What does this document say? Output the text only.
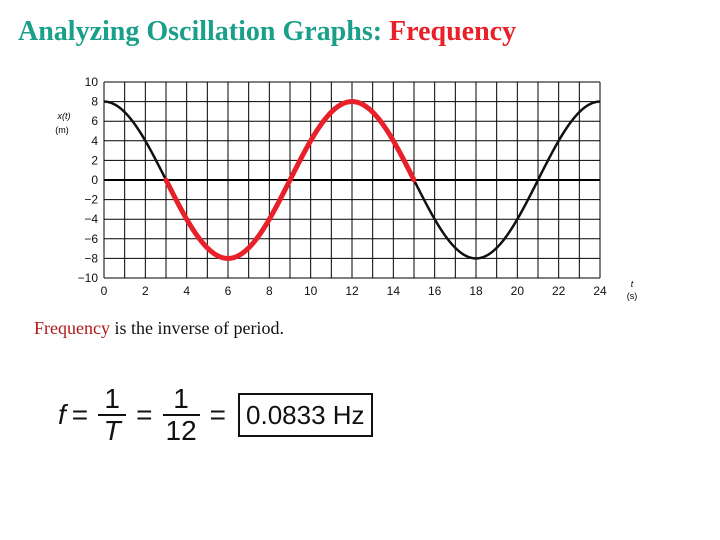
Analyzing Oscillation Graphs: Frequency
0	2	4	6	8	10 12 14 16 18 20 22 24
10
8
6
4
2
0
−2
−4
−6
−8
−10
x(t)
(m)
t
(s)

Frequency is the inverse of period.

$f = \frac{1}{T} = \frac{1}{12} = 0.0833$ Hz
